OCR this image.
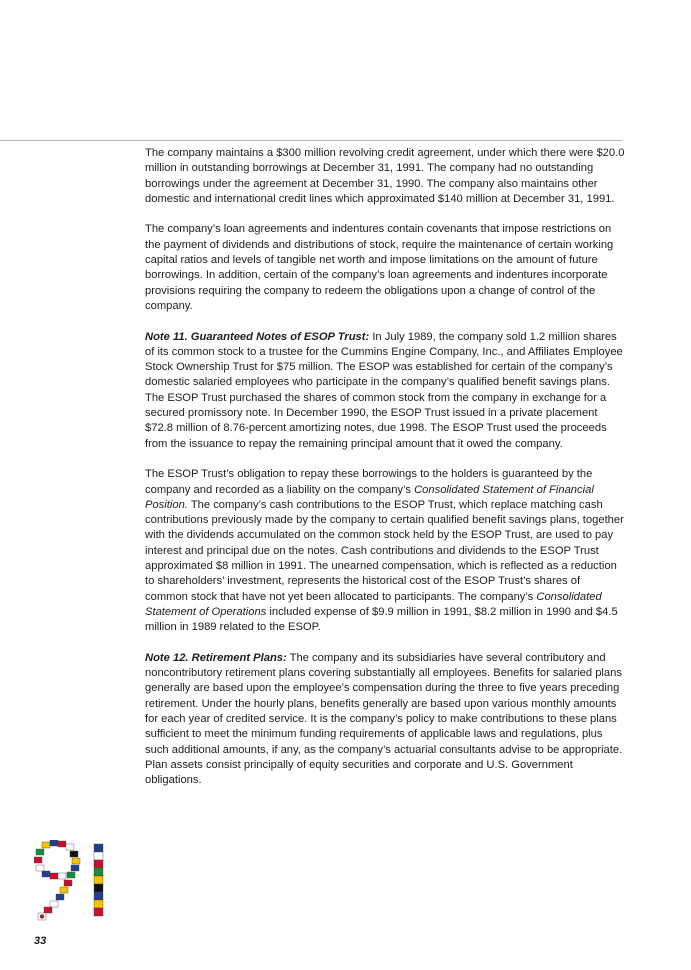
The company maintains a $300 million revolving credit agreement, under which there were $20.0 million in outstanding borrowings at December 31, 1991. The company had no outstanding borrowings under the agreement at December 31, 1990. The company also maintains other domestic and international credit lines which approximated $140 million at December 31, 1991.

The company’s loan agreements and indentures contain covenants that impose restrictions on the payment of dividends and distributions of stock, require the maintenance of certain working capital ratios and levels of tangible net worth and impose limitations on the amount of future borrowings. In addition, certain of the company’s loan agreements and indentures incorporate provisions requiring the company to redeem the obligations upon a change of control of the company.

Note 11. Guaranteed Notes of ESOP Trust: In July 1989, the company sold 1.2 million shares of its common stock to a trustee for the Cummins Engine Company, Inc., and Affiliates Employee Stock Ownership Trust for $75 million. The ESOP was established for certain of the company’s domestic salaried employees who participate in the company’s qualified benefit savings plans. The ESOP Trust purchased the shares of common stock from the company in exchange for a secured promissory note. In December 1990, the ESOP Trust issued in a private placement $72.8 million of 8.76-percent amortizing notes, due 1998. The ESOP Trust used the proceeds from the issuance to repay the remaining principal amount that it owed the company.

The ESOP Trust’s obligation to repay these borrowings to the holders is guaranteed by the company and recorded as a liability on the company’s Consolidated Statement of Financial Position. The company’s cash contributions to the ESOP Trust, which replace matching cash contributions previously made by the company to certain qualified benefit savings plans, together with the dividends accumulated on the common stock held by the ESOP Trust, are used to pay interest and principal due on the notes. Cash contributions and dividends to the ESOP Trust approximated $8 million in 1991. The unearned compensation, which is reflected as a reduction to shareholders’ investment, represents the historical cost of the ESOP Trust’s shares of common stock that have not yet been allocated to participants. The company’s Consolidated Statement of Operations included expense of $9.9 million in 1991, $8.2 million in 1990 and $4.5 million in 1989 related to the ESOP.

Note 12. Retirement Plans: The company and its subsidiaries have several contributory and noncontributory retirement plans covering substantially all employees. Benefits for salaried plans generally are based upon the employee’s compensation during the three to five years preceding retirement. Under the hourly plans, benefits generally are based upon various monthly amounts for each year of credited service. It is the company’s policy to make contributions to these plans sufficient to meet the minimum funding requirements of applicable laws and regulations, plus such additional amounts, if any, as the company’s actuarial consultants advise to be appropriate. Plan assets consist principally of equity securities and corporate and U.S. Government obligations.

33
